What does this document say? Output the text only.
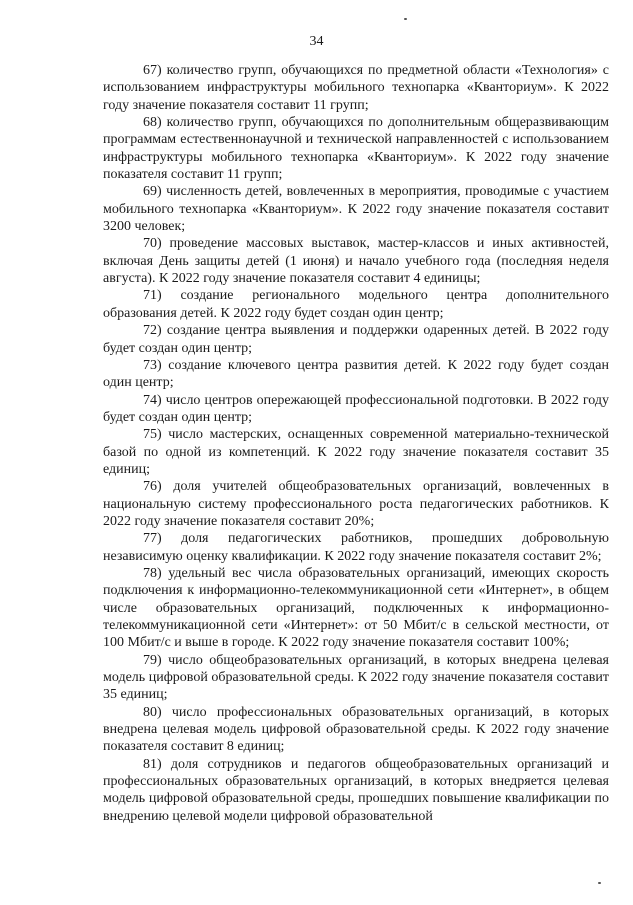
34

67) количество групп, обучающихся по предметной области «Технология» с использованием инфраструктуры мобильного технопарка «Кванториум». К 2022 году значение показателя составит 11 групп;

68) количество групп, обучающихся по дополнительным общеразвивающим программам естественнонаучной и технической направленностей с использованием инфраструктуры мобильного технопарка «Кванториум». К 2022 году значение показателя составит 11 групп;

69) численность детей, вовлеченных в мероприятия, проводимые с участием мобильного технопарка «Кванториум». К 2022 году значение показателя составит 3200 человек;

70) проведение массовых выставок, мастер-классов и иных активностей, включая День защиты детей (1 июня) и начало учебного года (последняя неделя августа). К 2022 году значение показателя составит 4 единицы;

71) создание регионального модельного центра дополнительного образования детей. К 2022 году будет создан один центр;

72) создание центра выявления и поддержки одаренных детей. В 2022 году будет создан один центр;

73) создание ключевого центра развития детей. К 2022 году будет создан один центр;

74) число центров опережающей профессиональной подготовки. В 2022 году будет создан один центр;

75) число мастерских, оснащенных современной материально-технической базой по одной из компетенций. К 2022 году значение показателя составит 35 единиц;

76) доля учителей общеобразовательных организаций, вовлеченных в национальную систему профессионального роста педагогических работников. К 2022 году значение показателя составит 20%;

77) доля педагогических работников, прошедших добровольную независимую оценку квалификации. К 2022 году значение показателя составит 2%;

78) удельный вес числа образовательных организаций, имеющих скорость подключения к информационно-телекоммуникационной сети «Интернет», в общем числе образовательных организаций, подключенных к информационно-телекоммуникационной сети «Интернет»: от 50 Мбит/с в сельской местности, от 100 Мбит/с и выше в городе. К 2022 году значение показателя составит 100%;

79) число общеобразовательных организаций, в которых внедрена целевая модель цифровой образовательной среды. К 2022 году значение показателя составит 35 единиц;

80) число профессиональных образовательных организаций, в которых внедрена целевая модель цифровой образовательной среды. К 2022 году значение показателя составит 8 единиц;

81) доля сотрудников и педагогов общеобразовательных организаций и профессиональных образовательных организаций, в которых внедряется целевая модель цифровой образовательной среды, прошедших повышение квалификации по внедрению целевой модели цифровой образовательной
